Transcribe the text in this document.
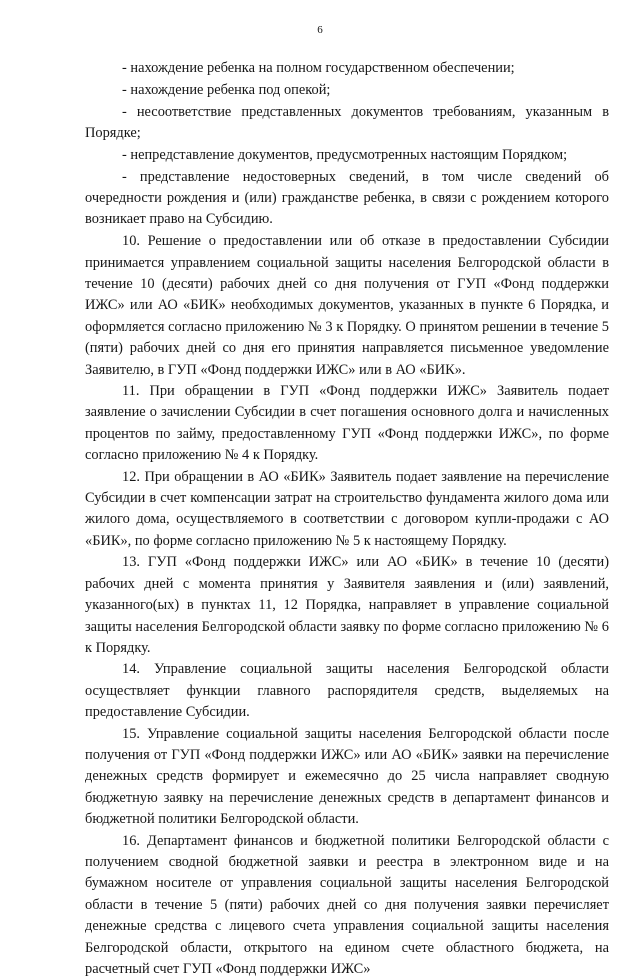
6

- нахождение ребенка на полном государственном обеспечении;

- нахождение ребенка под опекой;

- несоответствие представленных документов требованиям, указанным в Порядке;

- непредставление документов, предусмотренных настоящим Порядком;

- представление недостоверных сведений, в том числе сведений об очередности рождения и (или) гражданстве ребенка, в связи с рождением которого возникает право на Субсидию.

10. Решение о предоставлении или об отказе в предоставлении Субсидии принимается управлением социальной защиты населения Белгородской области в течение 10 (десяти) рабочих дней со дня получения от ГУП «Фонд поддержки ИЖС» или АО «БИК» необходимых документов, указанных в пункте 6 Порядка, и оформляется согласно приложению № 3 к Порядку. О принятом решении в течение 5 (пяти) рабочих дней со дня его принятия направляется письменное уведомление Заявителю, в ГУП «Фонд поддержки ИЖС» или в АО «БИК».

11. При обращении в ГУП «Фонд поддержки ИЖС» Заявитель подает заявление о зачислении Субсидии в счет погашения основного долга и начисленных процентов по займу, предоставленному ГУП «Фонд поддержки ИЖС», по форме согласно приложению № 4 к Порядку.

12. При обращении в АО «БИК» Заявитель подает заявление на перечисление Субсидии в счет компенсации затрат на строительство фундамента жилого дома или жилого дома, осуществляемого в соответствии с договором купли-продажи с АО «БИК», по форме согласно приложению № 5 к настоящему Порядку.

13. ГУП «Фонд поддержки ИЖС» или АО «БИК» в течение 10 (десяти) рабочих дней с момента принятия у Заявителя заявления и (или) заявлений, указанного(ых) в пунктах 11, 12 Порядка, направляет в управление социальной защиты населения Белгородской области заявку по форме согласно приложению № 6 к Порядку.

14. Управление социальной защиты населения Белгородской области осуществляет функции главного распорядителя средств, выделяемых на предоставление Субсидии.

15. Управление социальной защиты населения Белгородской области после получения от ГУП «Фонд поддержки ИЖС» или АО «БИК» заявки на перечисление денежных средств формирует и ежемесячно до 25 числа направляет сводную бюджетную заявку на перечисление денежных средств в департамент финансов и бюджетной политики Белгородской области.

16. Департамент финансов и бюджетной политики Белгородской области с получением сводной бюджетной заявки и реестра в электронном виде и на бумажном носителе от управления социальной защиты населения Белгородской области в течение 5 (пяти) рабочих дней со дня получения заявки перечисляет денежные средства с лицевого счета управления социальной защиты населения Белгородской области, открытого на едином счете областного бюджета, на расчетный счет ГУП «Фонд поддержки ИЖС»
